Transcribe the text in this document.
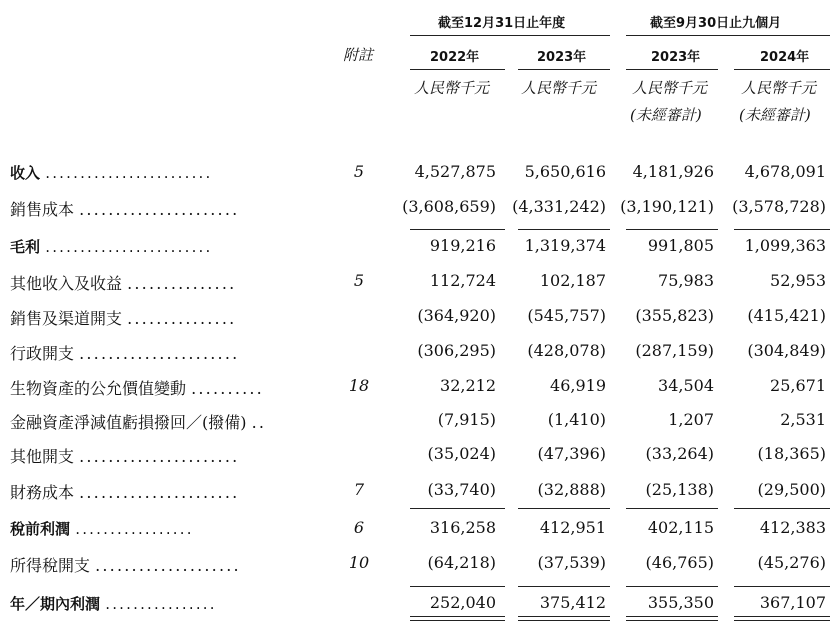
截至12月31日止年度	截至9月30日止九個月
附註	2022年	2023年	2023年	2024年
人民幣千元 人民幣千元 人民幣千元 人民幣千元
(未經審計) (未經審計)
收入 ........................	5	4,527,875	5,650,616	4,181,926	4,678,091
銷售成本 ......................	(3,608,659)	(4,331,242) (3,190,121)	(3,578,728)
毛利 ........................	919,216	1,319,374	991,805	1,099,363
其他收入及收益 ...............	5	112,724	102,187	75,983	52,953
銷售及渠道開支 ...............	(364,920)	(545,757)	(355,823)	(415,421)
行政開支 ......................	(306,295)	(428,078)	(287,159)	(304,849)
生物資產的公允價值變動 ..........	18	32,212	46,919	34,504	25,671
金融資產淨減值虧損撥回／(撥備) ..	(7,915)	(1,410)	1,207	2,531
其他開支 ......................	(35,024)	(47,396)	(33,264)	(18,365)
財務成本 ......................	7	(33,740)	(32,888)	(25,138)	(29,500)
稅前利潤 .................	6	316,258	412,951	402,115	412,383
所得稅開支 ....................	10	(64,218)	(37,539)	(46,765)	(45,276)
年／期內利潤 ................	252,040	375,412	355,350	367,107
